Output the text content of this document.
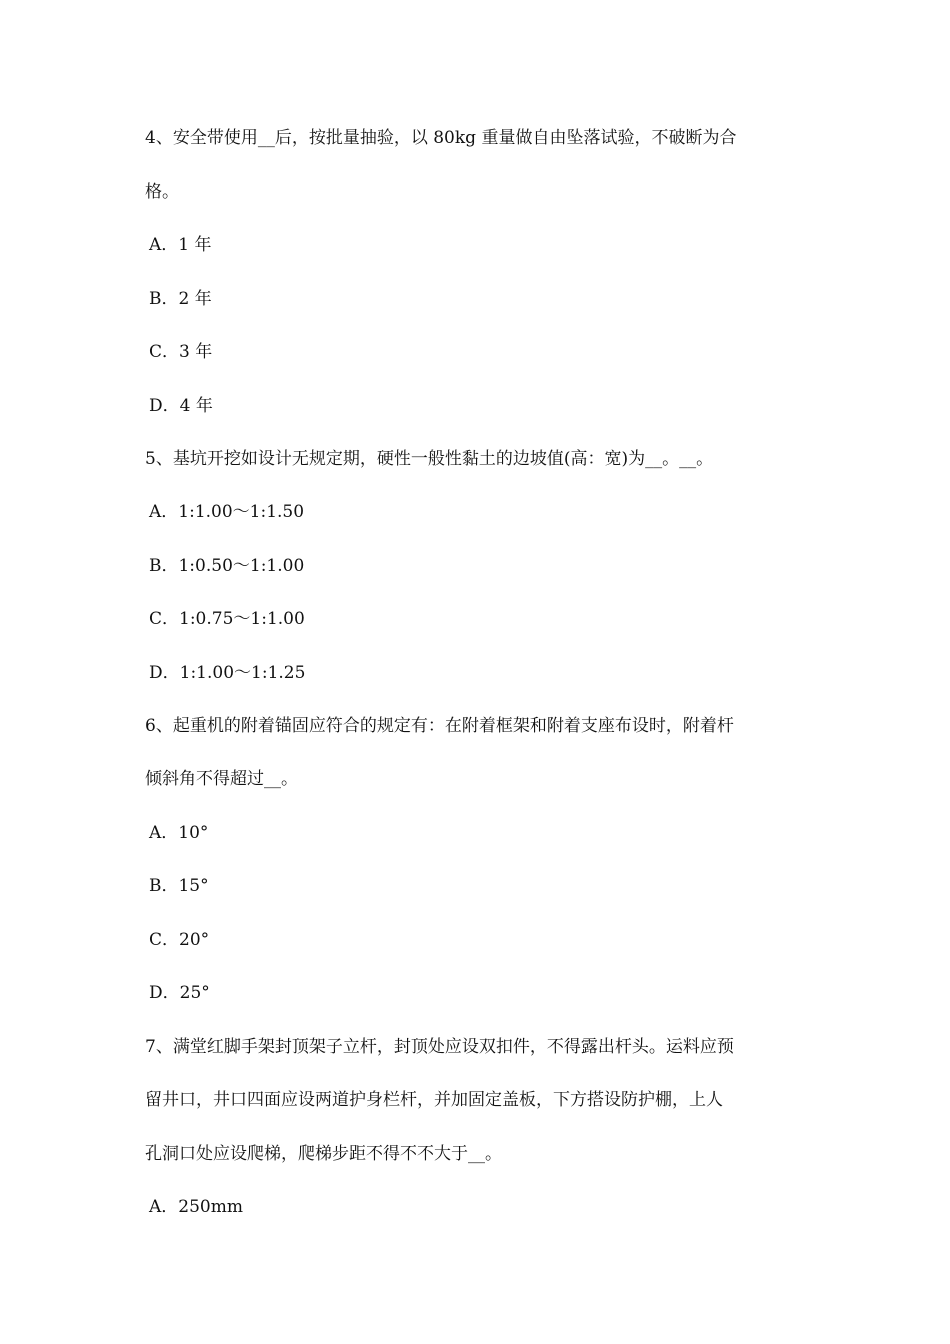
4、安全带使用__后，按批量抽验，以 80kg 重量做自由坠落试验，不破断为合
格。
A．1 年
B．2 年
C．3 年
D．4 年
5、基坑开挖如设计无规定期，硬性一般性黏土的边坡值(高：宽)为__。__。
A．1:1.00～1:1.50
B．1:0.50～1:1.00
C．1:0.75～1:1.00
D．1:1.00～1:1.25
6、起重机的附着锚固应符合的规定有：在附着框架和附着支座布设时，附着杆
倾斜角不得超过__。
A．10°
B．15°
C．20°
D．25°
7、满堂红脚手架封顶架子立杆，封顶处应设双扣件，不得露出杆头。运料应预
留井口，井口四面应设两道护身栏杆，并加固定盖板，下方搭设防护棚，上人
孔洞口处应设爬梯，爬梯步距不得不不大于__。
A．250mm
